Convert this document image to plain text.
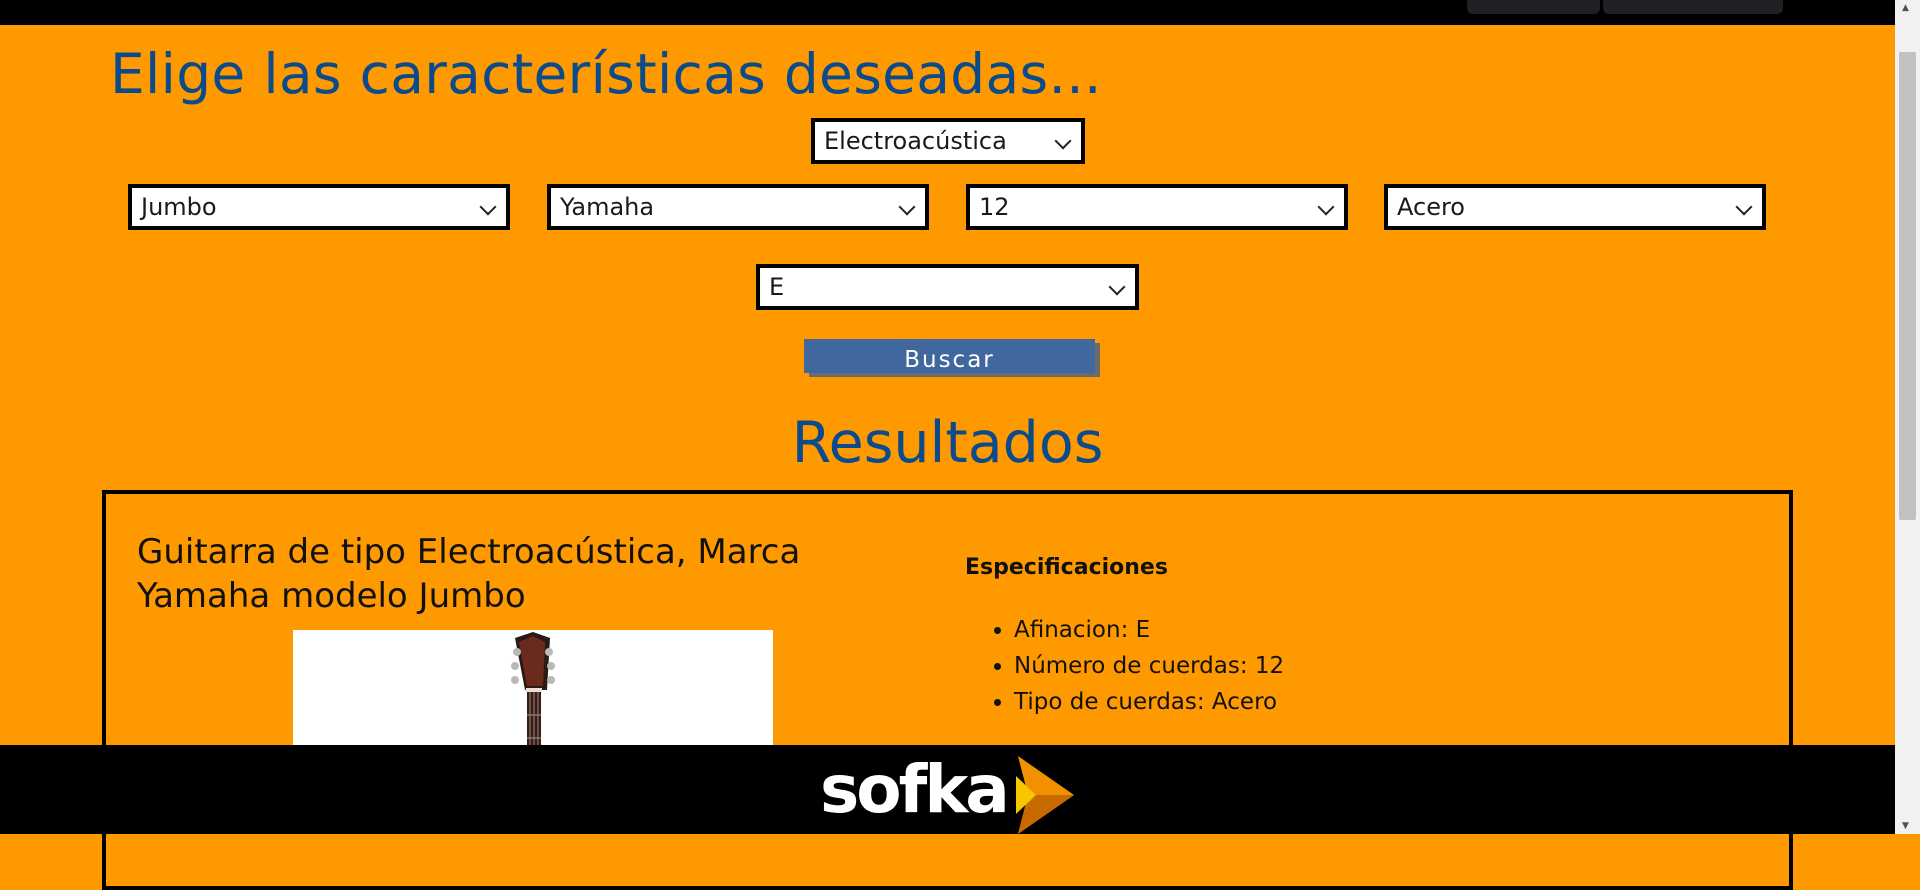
Elige las características deseadas...
Electroacústica
Jumbo	Yamaha	12	Acero
E
Buscar
Resultados
Guitarra de tipo Electroacústica, Marca Yamaha modelo Jumbo
Especificaciones
• Afinacion: E
• Número de cuerdas: 12
• Tipo de cuerdas: Acero
sofka
▲
▼
